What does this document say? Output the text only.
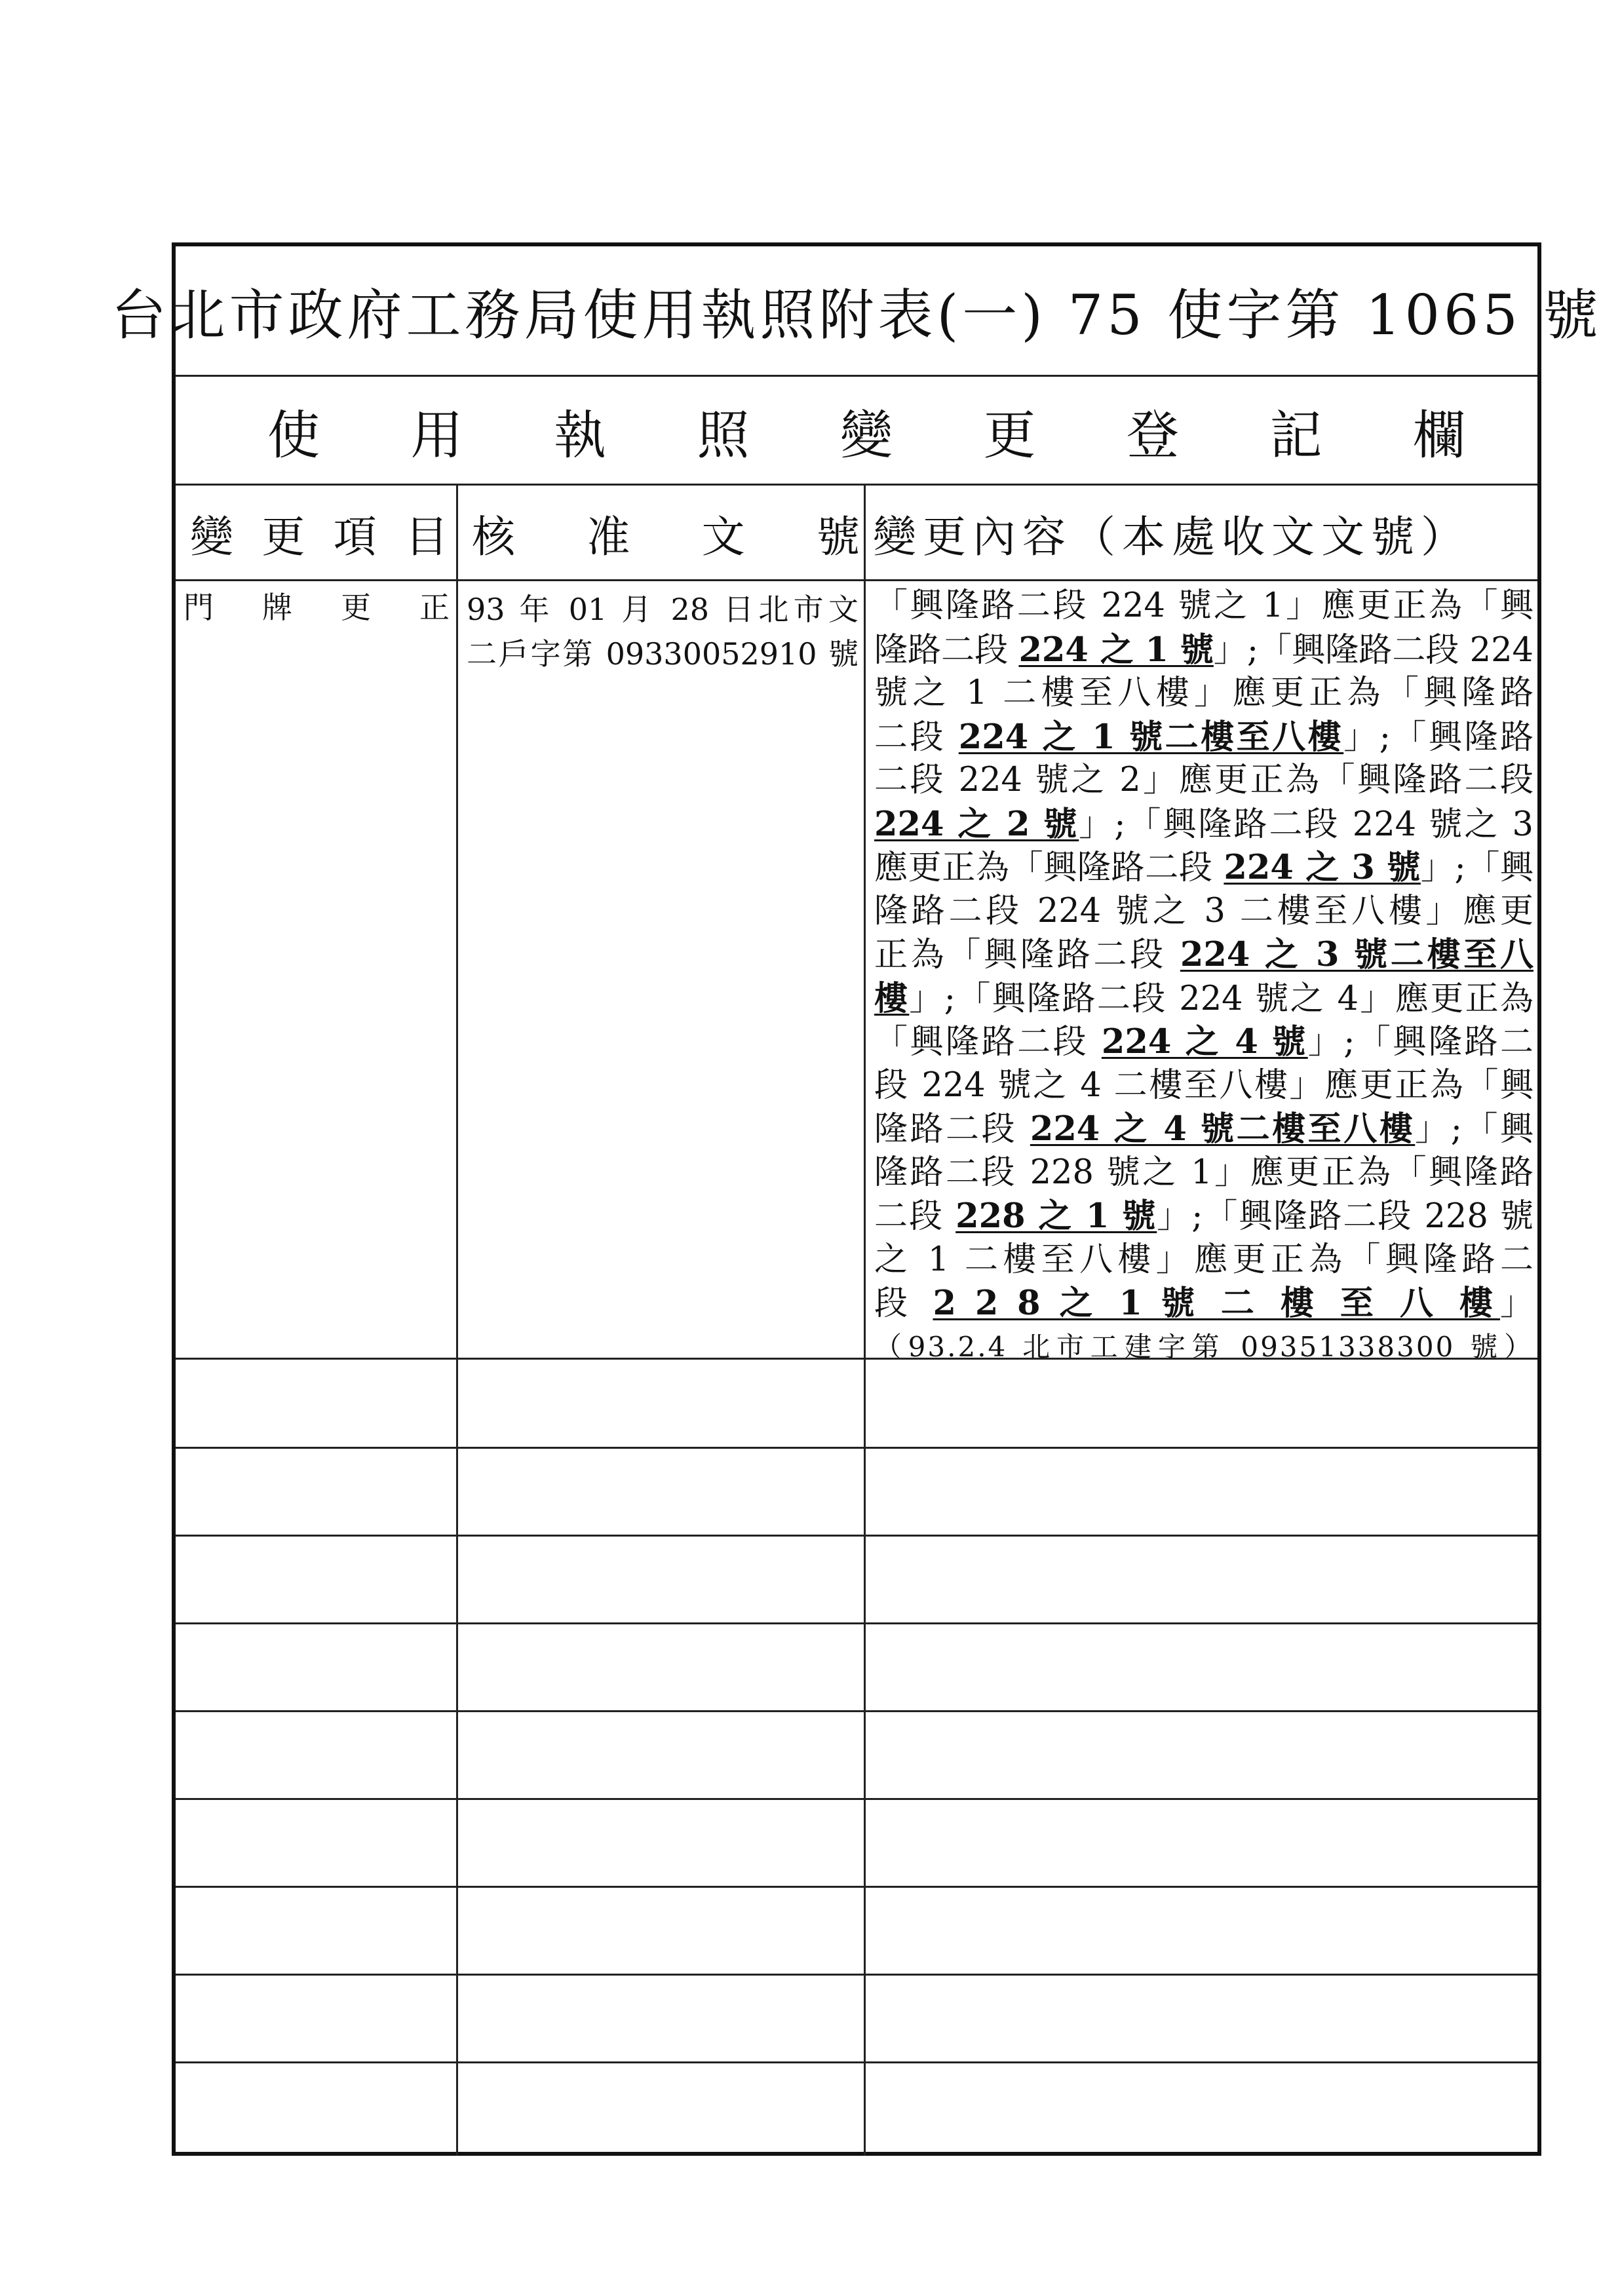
台北市政府工務局使用執照附表(一) 75 使字第 1065 號
使 用 執 照 變 更 登 記 欄
變 更 項 目 核 准 文 號 變更內容（本處收文文號）
門 牌 更 正 93 年 01 月 28 日北市文
二戶字第 09330052910 號
「興隆路二段 224 號之 1」應更正為「興
隆路二段 224 之 1 號」;「興隆路二段 224
號之 1 二樓至八樓」應更正為「興隆路
二段 224 之 1 號二樓至八樓」;「興隆路
二段 224 號之 2」應更正為「興隆路二段
224 之 2 號」;「興隆路二段 224 號之 3
應更正為「興隆路二段 224 之 3 號」;「興
隆路二段 224 號之 3 二樓至八樓」應更
正為「興隆路二段 224 之 3 號二樓至八
樓」;「興隆路二段 224 號之 4」應更正為
「興隆路二段 224 之 4 號」;「興隆路二
段 224 號之 4 二樓至八樓」應更正為「興
隆路二段 224 之 4 號二樓至八樓」;「興
隆路二段 228 號之 1」應更正為「興隆路
二段 228 之 1 號」;「興隆路二段 228 號
之 1 二樓至八樓」應更正為「興隆路二
段 2 2 8 之 1 號 二 樓 至 八 樓」
（93.2.4 北市工建字第 09351338300 號）
